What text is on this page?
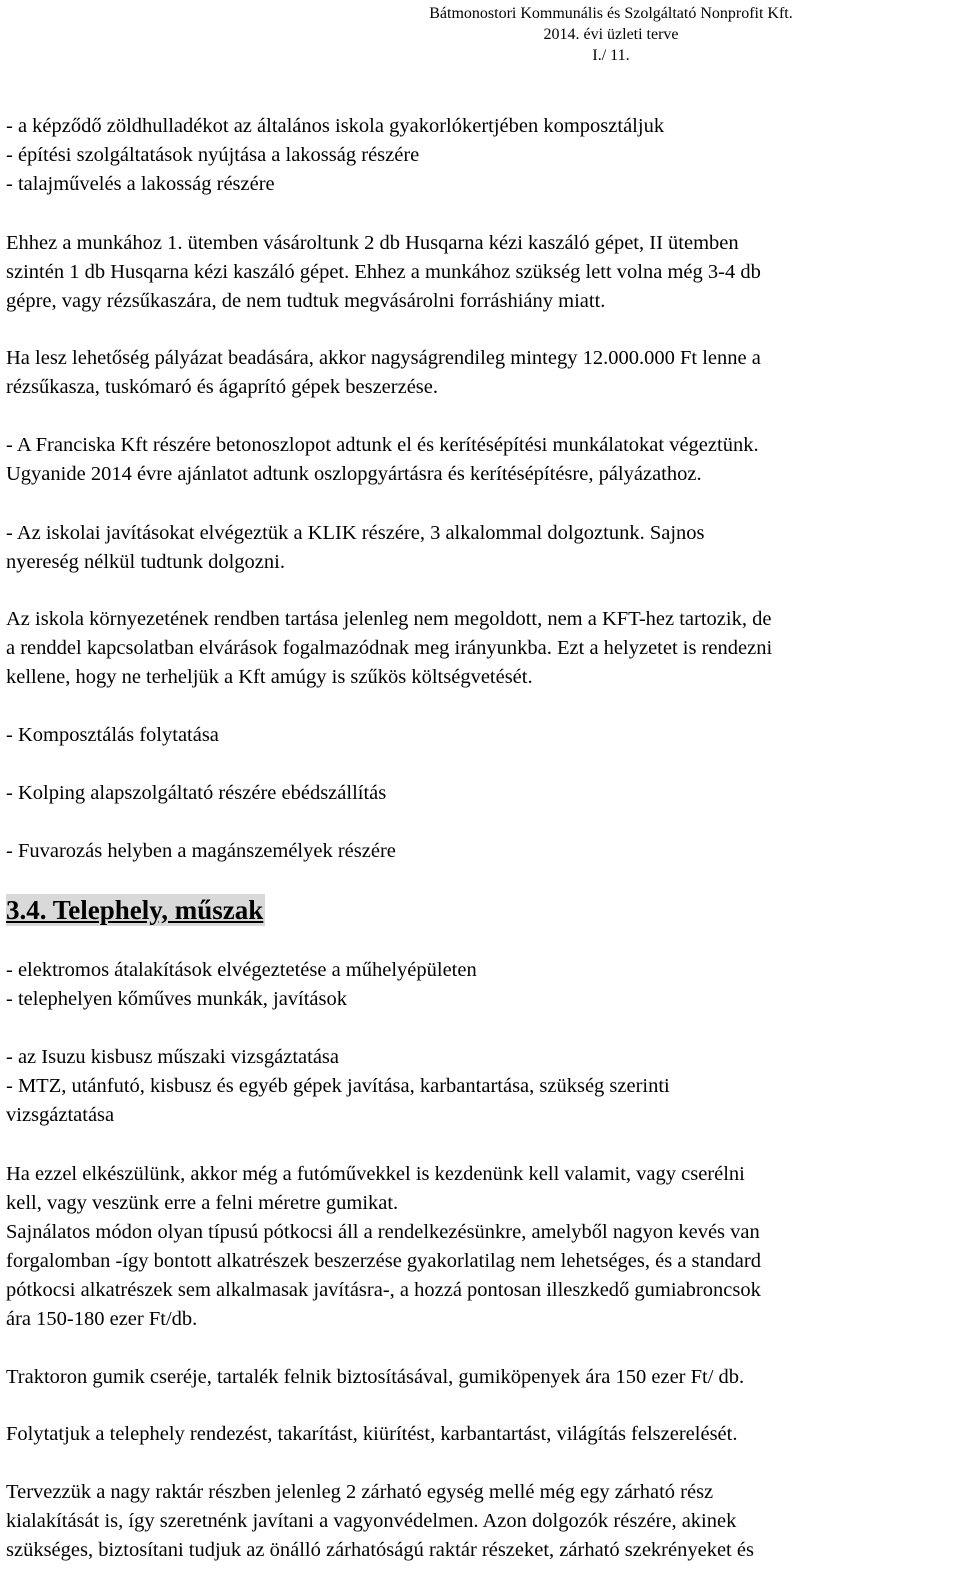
Bátmonostori Kommunális és Szolgáltató Nonprofit Kft.
2014. évi üzleti terve
I./ 11.

- a képződő zöldhulladékot az általános iskola gyakorlókertjében komposztáljuk

- építési szolgáltatások nyújtása a lakosság részére

- talajművelés a lakosság részére

Ehhez a munkához 1. ütemben vásároltunk 2 db Husqarna kézi kaszáló gépet, II ütemben

szintén 1 db Husqarna kézi kaszáló gépet. Ehhez a munkához szükség lett volna még 3-4 db

gépre, vagy rézsűkaszára, de nem tudtuk megvásárolni forráshiány miatt.

Ha lesz lehetőség pályázat beadására, akkor nagyságrendileg mintegy 12.000.000 Ft lenne a

rézsűkasza, tuskómaró és ágaprító gépek beszerzése.

- A Franciska Kft részére betonoszlopot adtunk el és kerítésépítési munkálatokat végeztünk.

Ugyanide 2014 évre ajánlatot adtunk oszlopgyártásra és kerítésépítésre, pályázathoz.

- Az iskolai javításokat elvégeztük a KLIK részére, 3 alkalommal dolgoztunk. Sajnos

nyereség nélkül tudtunk dolgozni.

Az iskola környezetének rendben tartása jelenleg nem megoldott, nem a KFT-hez tartozik, de

a renddel kapcsolatban elvárások fogalmazódnak meg irányunkba. Ezt a helyzetet is rendezni

kellene, hogy ne terheljük a Kft amúgy is szűkös költségvetését.

- Komposztálás folytatása

- Kolping alapszolgáltató részére ebédszállítás

- Fuvarozás helyben a magánszemélyek részére

3.4. Telephely, műszak

- elektromos átalakítások elvégeztetése a műhelyépületen

- telephelyen kőműves munkák, javítások

- az Isuzu kisbusz műszaki vizsgáztatása

- MTZ, utánfutó, kisbusz és egyéb gépek javítása, karbantartása, szükség szerinti

vizsgáztatása

Ha ezzel elkészülünk, akkor még a futóművekkel is kezdenünk kell valamit, vagy cserélni

kell, vagy veszünk erre a felni méretre gumikat.

Sajnálatos módon olyan típusú pótkocsi áll a rendelkezésünkre, amelyből nagyon kevés van

forgalomban -így bontott alkatrészek beszerzése gyakorlatilag nem lehetséges, és a standard

pótkocsi alkatrészek sem alkalmasak javításra-, a hozzá pontosan illeszkedő gumiabroncsok

ára 150-180 ezer Ft/db.

Traktoron gumik cseréje, tartalék felnik biztosításával, gumiköpenyek ára 150 ezer Ft/ db.

Folytatjuk a telephely rendezést, takarítást, kiürítést, karbantartást, világítás felszerelését.

Tervezzük a nagy raktár részben jelenleg 2 zárható egység mellé még egy zárható rész

kialakítását is, így szeretnénk javítani a vagyonvédelmen. Azon dolgozók részére, akinek

szükséges, biztosítani tudjuk az önálló zárhatóságú raktár részeket, zárható szekrényeket és
